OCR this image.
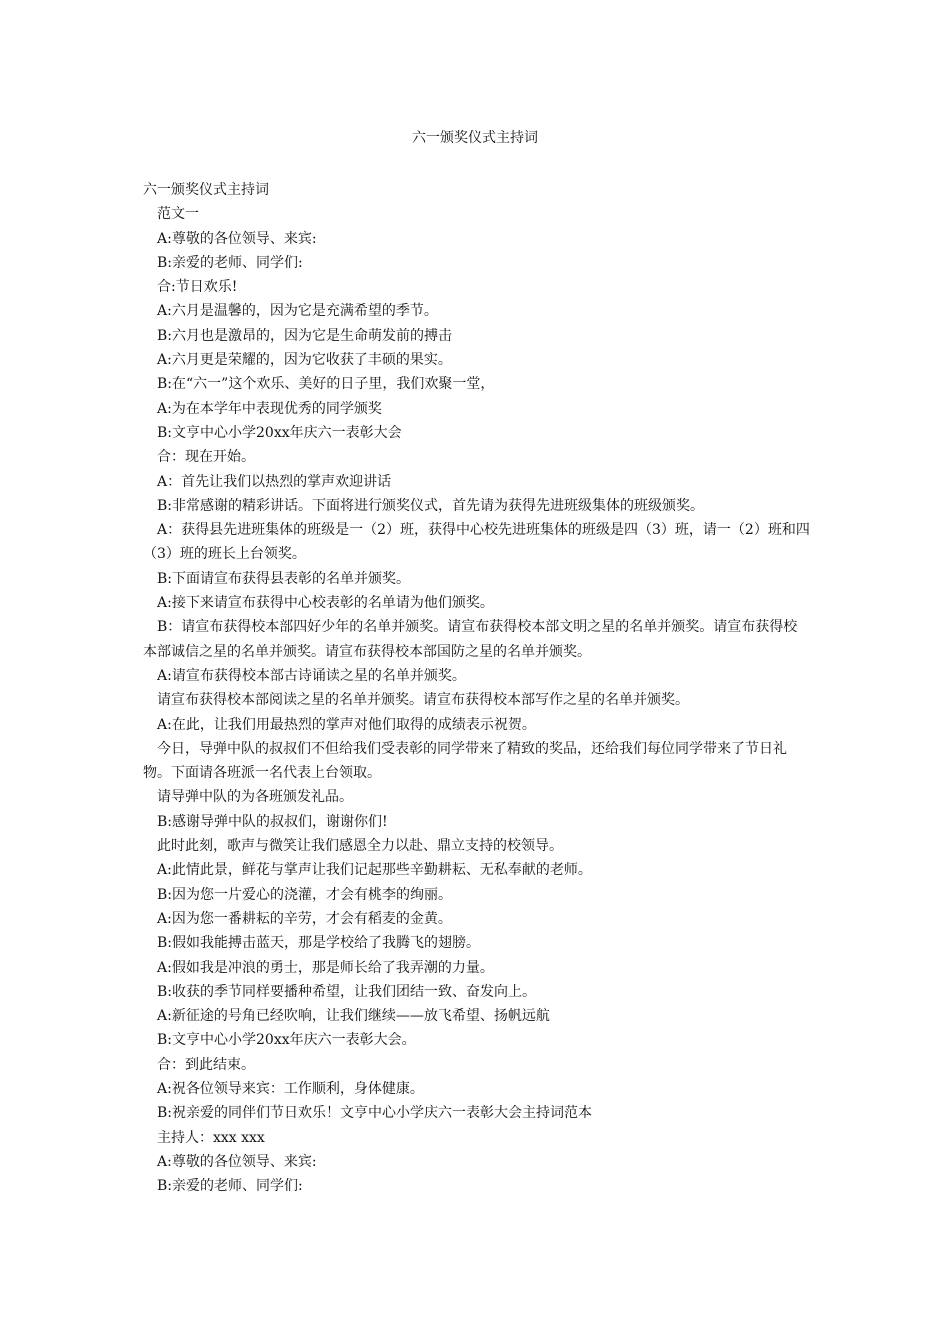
六一颁奖仪式主持词

六一颁奖仪式主持词

范文一

A:尊敬的各位领导、来宾:

B:亲爱的老师、同学们:

合:节日欢乐!

A:六月是温馨的，因为它是充满希望的季节。

B:六月也是激昂的，因为它是生命萌发前的搏击

A:六月更是荣耀的，因为它收获了丰硕的果实。

B:在“六一”这个欢乐、美好的日子里，我们欢聚一堂，

A:为在本学年中表现优秀的同学颁奖

B:文亨中心小学20xx年庆六一表彰大会

合：现在开始。

A：首先让我们以热烈的掌声欢迎讲话

B:非常感谢的精彩讲话。下面将进行颁奖仪式，首先请为获得先进班级集体的班级颁奖。

A：获得县先进班集体的班级是一（2）班，获得中心校先进班集体的班级是四（3）班，请一（2）班和四（3）班的班长上台领奖。

B:下面请宣布获得县表彰的名单并颁奖。

A:接下来请宣布获得中心校表彰的名单请为他们颁奖。

B：请宣布获得校本部四好少年的名单并颁奖。请宣布获得校本部文明之星的名单并颁奖。请宣布获得校本部诚信之星的名单并颁奖。请宣布获得校本部国防之星的名单并颁奖。

A:请宣布获得校本部古诗诵读之星的名单并颁奖。

请宣布获得校本部阅读之星的名单并颁奖。请宣布获得校本部写作之星的名单并颁奖。

A:在此，让我们用最热烈的掌声对他们取得的成绩表示祝贺。

今日，导弹中队的叔叔们不但给我们受表彰的同学带来了精致的奖品，还给我们每位同学带来了节日礼物。下面请各班派一名代表上台领取。

请导弹中队的为各班颁发礼品。

B:感谢导弹中队的叔叔们，谢谢你们!

此时此刻，歌声与微笑让我们感恩全力以赴、鼎立支持的校领导。

A:此情此景，鲜花与掌声让我们记起那些辛勤耕耘、无私奉献的老师。

B:因为您一片爱心的浇灌，才会有桃李的绚丽。

A:因为您一番耕耘的辛劳，才会有稻麦的金黄。

B:假如我能搏击蓝天，那是学校给了我腾飞的翅膀。

A:假如我是冲浪的勇士，那是师长给了我弄潮的力量。

B:收获的季节同样要播种希望，让我们团结一致、奋发向上。

A:新征途的号角已经吹响，让我们继续——放飞希望、扬帆远航

B:文亨中心小学20xx年庆六一表彰大会。

合：到此结束。

A:祝各位领导来宾：工作顺利，身体健康。

B:祝亲爱的同伴们节日欢乐！文亨中心小学庆六一表彰大会主持词范本

主持人：xxx xxx

A:尊敬的各位领导、来宾:

B:亲爱的老师、同学们:
